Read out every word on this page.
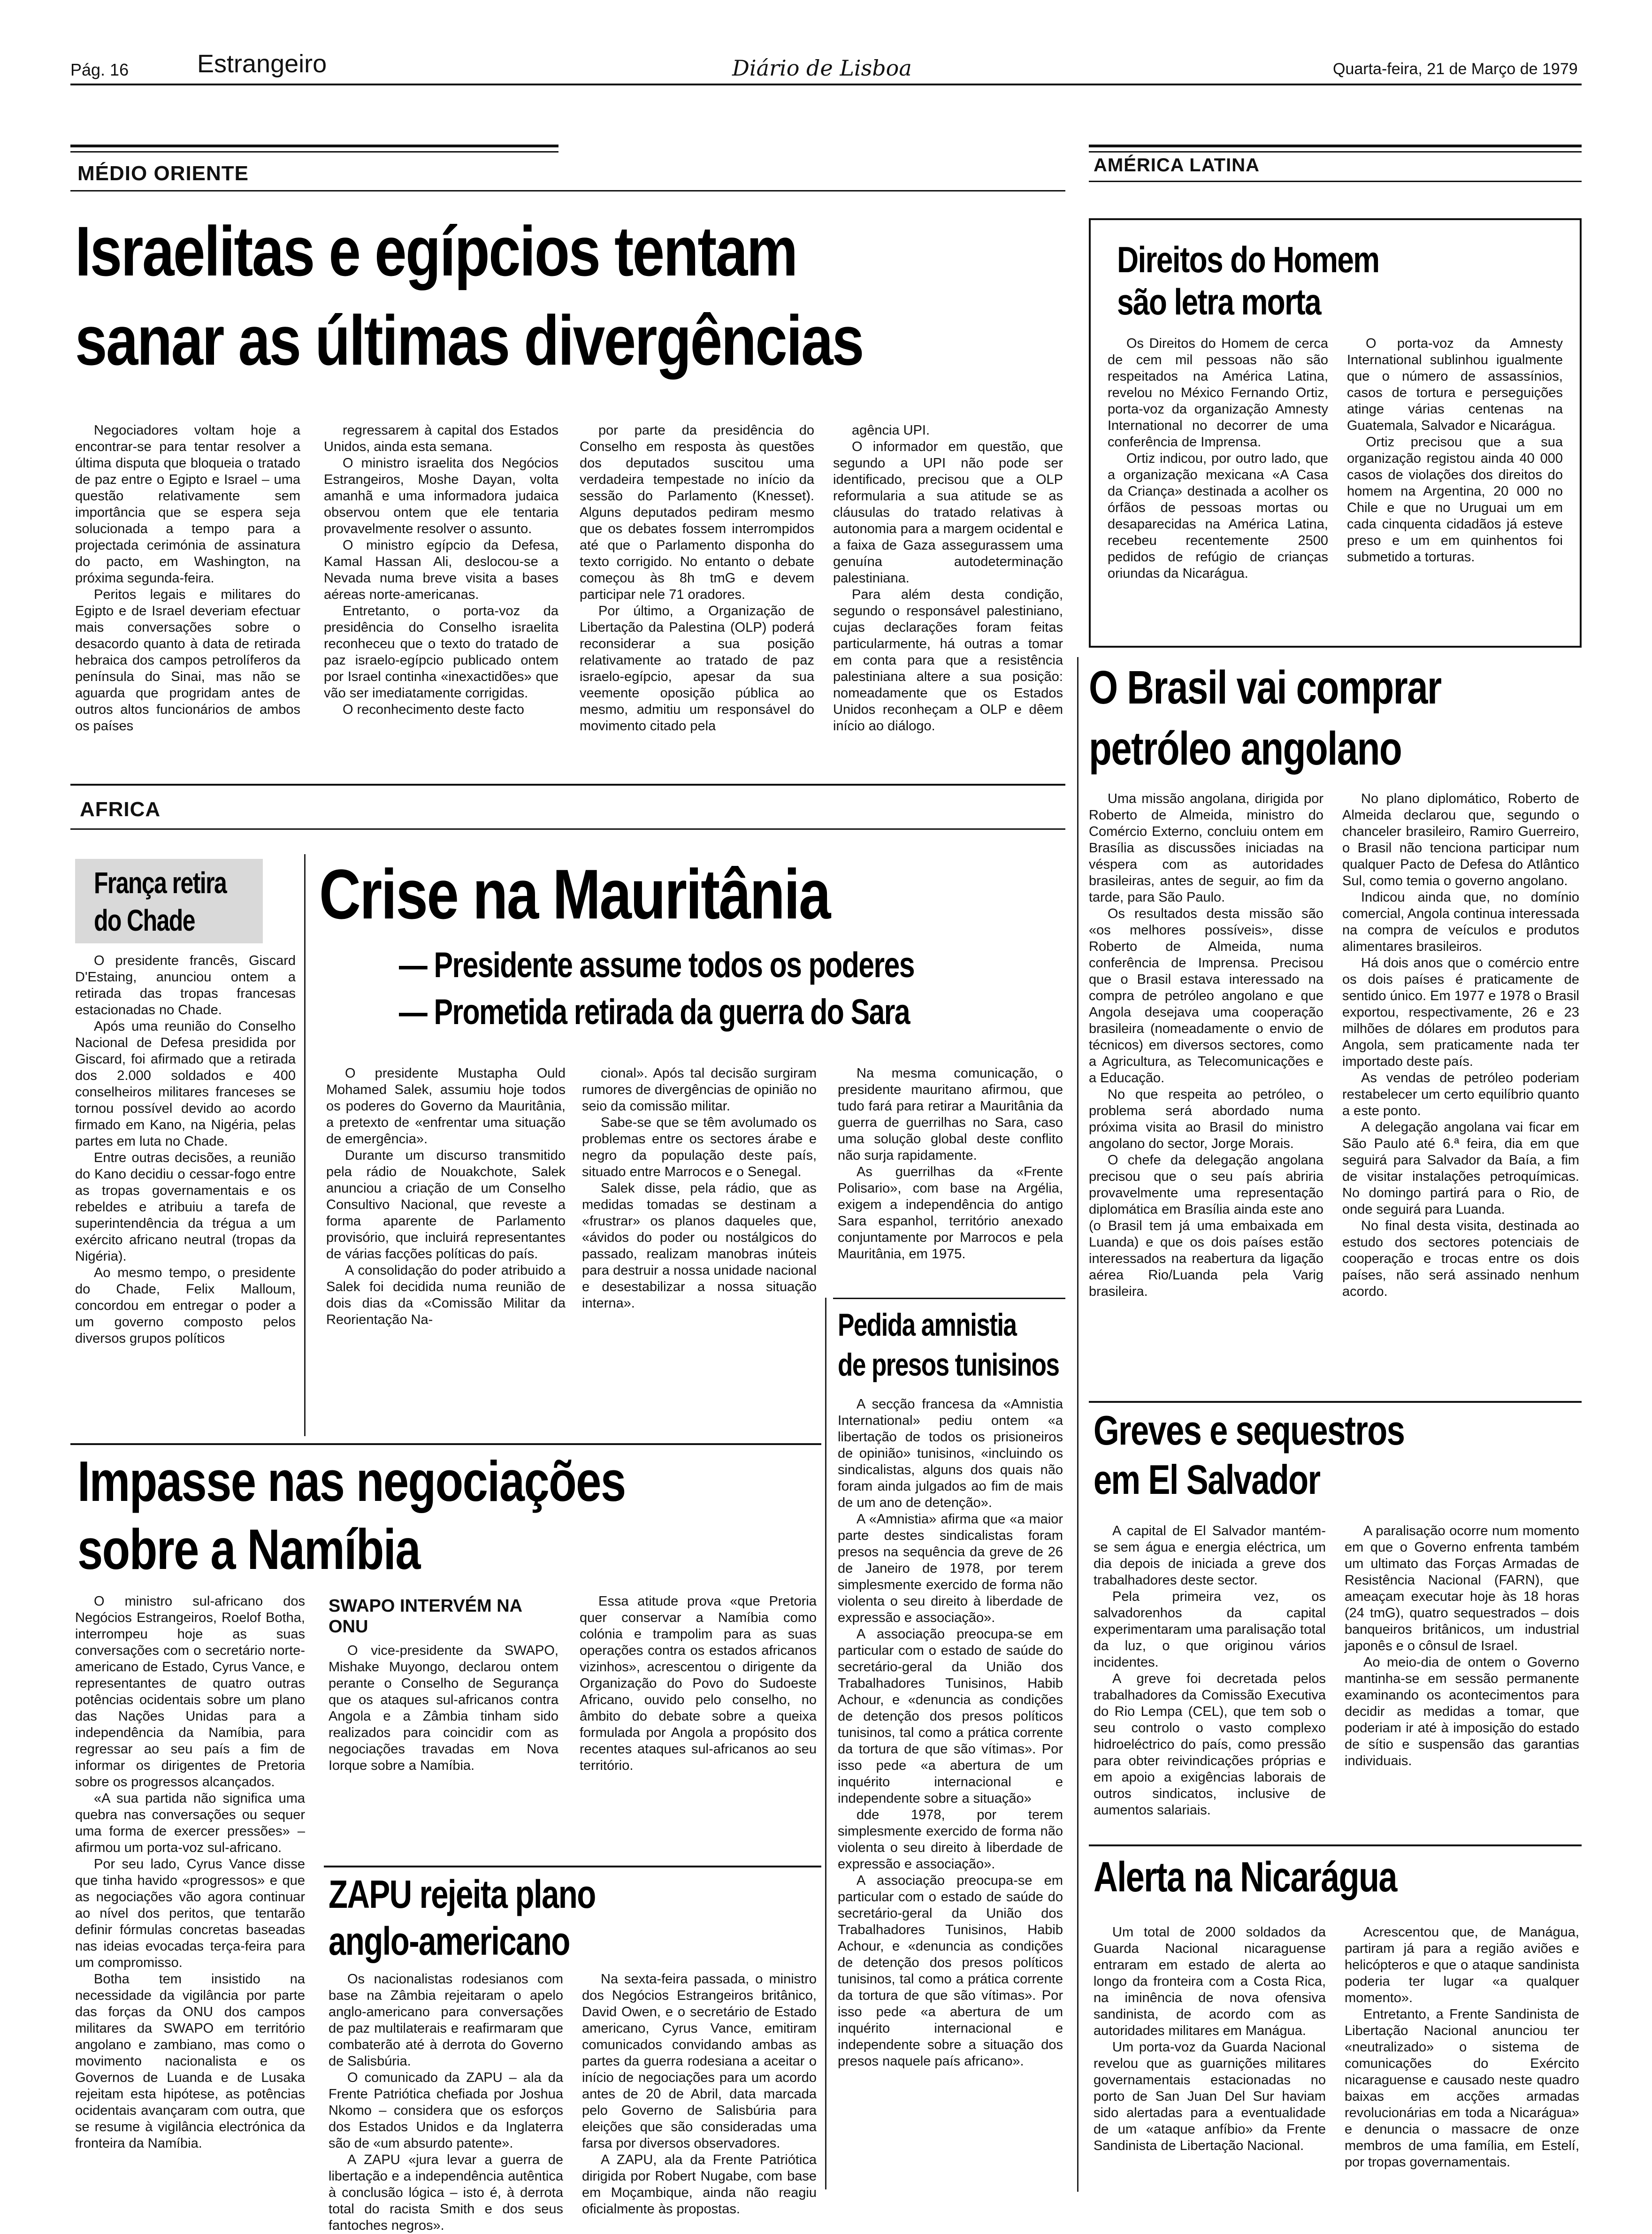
Pág. 16	Estrangeiro	Diário de Lisboa	Quarta-feira, 21 de Março de 1979
MÉDIO ORIENTE
Israelitas e egípcios tentam
sanar as últimas divergências

Negociadores voltam hoje a encontrar-se para tentar resolver a última disputa que bloqueia o tratado de paz entre o Egipto e Israel – uma questão relativamente sem importância que se espera seja solucionada a tempo para a projectada cerimónia de assinatura do pacto, em Washington, na próxima segunda-feira.

Peritos legais e militares do Egipto e de Israel deveriam efectuar mais conversações sobre o desacordo quanto à data de retirada hebraica dos campos petrolíferos da península do Sinai, mas não se aguarda que progridam antes de outros altos funcionários de ambos os países

regressarem à capital dos Estados Unidos, ainda esta semana.

O ministro israelita dos Negócios Estrangeiros, Moshe Dayan, volta amanhã e uma informadora judaica observou ontem que ele tentaria provavelmente resolver o assunto.

O ministro egípcio da Defesa, Kamal Hassan Ali, deslocou-se a Nevada numa breve visita a bases aéreas norte-americanas.

Entretanto, o porta-voz da presidência do Conselho israelita reconheceu que o texto do tratado de paz israelo-egípcio publicado ontem por Israel continha «inexactidões» que vão ser imediatamente corrigidas.

O reconhecimento deste facto

por parte da presidência do Conselho em resposta às questões dos deputados suscitou uma verdadeira tempestade no início da sessão do Parlamento (Knesset). Alguns deputados pediram mesmo que os debates fossem interrompidos até que o Parlamento disponha do texto corrigido. No entanto o debate começou às 8h tmG e devem participar nele 71 oradores.

Por último, a Organização de Libertação da Palestina (OLP) poderá reconsiderar a sua posição relativamente ao tratado de paz israelo-egípcio, apesar da sua veemente oposição pública ao mesmo, admitiu um responsável do movimento citado pela

agência UPI.

O informador em questão, que segundo a UPI não pode ser identificado, precisou que a OLP reformularia a sua atitude se as cláusulas do tratado relativas à autonomia para a margem ocidental e a faixa de Gaza assegurassem uma genuína autodeterminação palestiniana.

Para além desta condição, segundo o responsável palestiniano, cujas declarações foram feitas particularmente, há outras a tomar em conta para que a resistência palestiniana altere a sua posição: nomeadamente que os Estados Unidos reconheçam a OLP e dêem início ao diálogo.

AMÉRICA LATINA
Direitos do Homem
são letra morta

Os Direitos do Homem de cerca de cem mil pessoas não são respeitados na América Latina, revelou no México Fernando Ortiz, porta-voz da organização Amnesty International no decorrer de uma conferência de Imprensa.

Ortiz indicou, por outro lado, que a organização mexicana «A Casa da Criança» destinada a acolher os órfãos de pessoas mortas ou desaparecidas na América Latina, recebeu recentemente 2500 pedidos de refúgio de crianças oriundas da Nicarágua.

O porta-voz da Amnesty International sublinhou igualmente que o número de assassínios, casos de tortura e perseguições atinge várias centenas na Guatemala, Salvador e Nicarágua.

Ortiz precisou que a sua organização registou ainda 40 000 casos de violações dos direitos do homem na Argentina, 20 000 no Chile e que no Uruguai um em cada cinquenta cidadãos já esteve preso e um em quinhentos foi submetido a torturas.

O Brasil vai comprar
petróleo angolano

Uma missão angolana, dirigida por Roberto de Almeida, ministro do Comércio Externo, concluiu ontem em Brasília as discussões iniciadas na véspera com as autoridades brasileiras, antes de seguir, ao fim da tarde, para São Paulo.

Os resultados desta missão são «os melhores possíveis», disse Roberto de Almeida, numa conferência de Imprensa. Precisou que o Brasil estava interessado na compra de petróleo angolano e que Angola desejava uma cooperação brasileira (nomeadamente o envio de técnicos) em diversos sectores, como a Agricultura, as Telecomunicações e a Educação.

No que respeita ao petróleo, o problema será abordado numa próxima visita ao Brasil do ministro angolano do sector, Jorge Morais.

O chefe da delegação angolana precisou que o seu país abriria provavelmente uma representação diplomática em Brasília ainda este ano (o Brasil tem já uma embaixada em Luanda) e que os dois países estão interessados na reabertura da ligação aérea Rio/Luanda pela Varig brasileira.

No plano diplomático, Roberto de Almeida declarou que, segundo o chanceler brasileiro, Ramiro Guerreiro, o Brasil não tenciona participar num qualquer Pacto de Defesa do Atlântico Sul, como temia o governo angolano.

Indicou ainda que, no domínio comercial, Angola continua interessada na compra de veículos e produtos alimentares brasileiros.

Há dois anos que o comércio entre os dois países é praticamente de sentido único. Em 1977 e 1978 o Brasil exportou, respectivamente, 26 e 23 milhões de dólares em produtos para Angola, sem praticamente nada ter importado deste país.

As vendas de petróleo poderiam restabelecer um certo equilíbrio quanto a este ponto.

A delegação angolana vai ficar em São Paulo até 6.ª feira, dia em que seguirá para Salvador da Baía, a fim de visitar instalações petroquímicas. No domingo partirá para o Rio, de onde seguirá para Luanda.

No final desta visita, destinada ao estudo dos sectores potenciais de cooperação e trocas entre os dois países, não será assinado nenhum acordo.

Greves e sequestros
em El Salvador

A capital de El Salvador mantém-se sem água e energia eléctrica, um dia depois de iniciada a greve dos trabalhadores deste sector.

Pela primeira vez, os salvadorenhos da capital experimentaram uma paralisação total da luz, o que originou vários incidentes.

A greve foi decretada pelos trabalhadores da Comissão Executiva do Rio Lempa (CEL), que tem sob o seu controlo o vasto complexo hidroeléctrico do país, como pressão para obter reivindicações próprias e em apoio a exigências laborais de outros sindicatos, inclusive de aumentos salariais.

A paralisação ocorre num momento em que o Governo enfrenta também um ultimato das Forças Armadas de Resistência Nacional (FARN), que ameaçam executar hoje às 18 horas (24 tmG), quatro sequestrados – dois banqueiros britânicos, um industrial japonês e o cônsul de Israel.

Ao meio-dia de ontem o Governo mantinha-se em sessão permanente examinando os acontecimentos para decidir as medidas a tomar, que poderiam ir até à imposição do estado de sítio e suspensão das garantias individuais.

Alerta na Nicarágua

Um total de 2000 soldados da Guarda Nacional nicaraguense entraram em estado de alerta ao longo da fronteira com a Costa Rica, na iminência de nova ofensiva sandinista, de acordo com as autoridades militares em Manágua.

Um porta-voz da Guarda Nacional revelou que as guarnições militares governamentais estacionadas no porto de San Juan Del Sur haviam sido alertadas para a eventualidade de um «ataque anfíbio» da Frente Sandinista de Libertação Nacional.

Acrescentou que, de Manágua, partiram já para a região aviões e helicópteros e que o ataque sandinista poderia ter lugar «a qualquer momento».

Entretanto, a Frente Sandinista de Libertação Nacional anunciou ter «neutralizado» o sistema de comunicações do Exército nicaraguense e causado neste quadro baixas em acções armadas revolucionárias em toda a Nicarágua» e denuncia o massacre de onze membros de uma família, em Estelí, por tropas governamentais.

AFRICA
França retira
do Chade

O presidente francês, Giscard D'Estaing, anunciou ontem a retirada das tropas francesas estacionadas no Chade.

Após uma reunião do Conselho Nacional de Defesa presidida por Giscard, foi afirmado que a retirada dos 2.000 soldados e 400 conselheiros militares franceses se tornou possível devido ao acordo firmado em Kano, na Nigéria, pelas partes em luta no Chade.

Entre outras decisões, a reunião do Kano decidiu o cessar-fogo entre as tropas governamentais e os rebeldes e atribuiu a tarefa de superintendência da trégua a um exército africano neutral (tropas da Nigéria).

Ao mesmo tempo, o presidente do Chade, Felix Malloum, concordou em entregar o poder a um governo composto pelos diversos grupos políticos

Crise na Mauritânia
— Presidente assume todos os poderes
— Prometida retirada da guerra do Sara

O presidente Mustapha Ould Mohamed Salek, assumiu hoje todos os poderes do Governo da Mauritânia, a pretexto de «enfrentar uma situação de emergência».

Durante um discurso transmitido pela rádio de Nouakchote, Salek anunciou a criação de um Conselho Consultivo Nacional, que reveste a forma aparente de Parlamento provisório, que incluirá representantes de várias facções políticas do país.

A consolidação do poder atribuido a Salek foi decidida numa reunião de dois dias da «Comissão Militar da Reorientação Na-

cional». Após tal decisão surgiram rumores de divergências de opinião no seio da comissão militar.

Sabe-se que se têm avolumado os problemas entre os sectores árabe e negro da população deste país, situado entre Marrocos e o Senegal.

Salek disse, pela rádio, que as medidas tomadas se destinam a «frustrar» os planos daqueles que, «ávidos do poder ou nostálgicos do passado, realizam manobras inúteis para destruir a nossa unidade nacional e desestabilizar a nossa situação interna».

Na mesma comunicação, o presidente mauritano afirmou, que tudo fará para retirar a Mauritânia da guerra de guerrilhas no Sara, caso uma solução global deste conflito não surja rapidamente.

As guerrilhas da «Frente Polisario», com base na Argélia, exigem a independência do antigo Sara espanhol, território anexado conjuntamente por Marrocos e pela Mauritânia, em 1975.

Pedida amnistia
de presos tunisinos

A secção francesa da «Amnistia International» pediu ontem «a libertação de todos os prisioneiros de opinião» tunisinos, «incluindo os sindicalistas, alguns dos quais não foram ainda julgados ao fim de mais de um ano de detenção».

A «Amnistia» afirma que «a maior parte destes sindicalistas foram presos na sequência da greve de 26 de Janeiro de 1978, por terem simplesmente exercido de forma não violenta o seu direito à liberdade de expressão e associação».

A associação preocupa-se em particular com o estado de saúde do secretário-geral da União dos Trabalhadores Tunisinos, Habib Achour, e «denuncia as condições de detenção dos presos políticos tunisinos, tal como a prática corrente da tortura de que são vítimas». Por isso pede «a abertura de um inquérito internacional e independente sobre a situação»

dde 1978, por terem simplesmente exercido de forma não violenta o seu direito à liberdade de expressão e associação».

A associação preocupa-se em particular com o estado de saúde do secretário-geral da União dos Trabalhadores Tunisinos, Habib Achour, e «denuncia as condições de detenção dos presos políticos tunisinos, tal como a prática corrente da tortura de que são vítimas». Por isso pede «a abertura de um inquérito internacional e independente sobre a situação dos presos naquele país africano».

Impasse nas negociações
sobre a Namíbia

O ministro sul-africano dos Negócios Estrangeiros, Roelof Botha, interrompeu hoje as suas conversações com o secretário norte-americano de Estado, Cyrus Vance, e representantes de quatro outras potências ocidentais sobre um plano das Nações Unidas para a independência da Namíbia, para regressar ao seu país a fim de informar os dirigentes de Pretoria sobre os progressos alcançados.

«A sua partida não significa uma quebra nas conversações ou sequer uma forma de exercer pressões» – afirmou um porta-voz sul-africano.

Por seu lado, Cyrus Vance disse que tinha havido «progressos» e que as negociações vão agora continuar ao nível dos peritos, que tentarão definir fórmulas concretas baseadas nas ideias evocadas terça-feira para um compromisso.

Botha tem insistido na necessidade da vigilância por parte das forças da ONU dos campos militares da SWAPO em território angolano e zambiano, mas como o movimento nacionalista e os Governos de Luanda e de Lusaka rejeitam esta hipótese, as potências ocidentais avançaram com outra, que se resume à vigilância electrónica da fronteira da Namíbia.

SWAPO INTERVÉM NA ONU

O vice-presidente da SWAPO, Mishake Muyongo, declarou ontem perante o Conselho de Segurança que os ataques sul-africanos contra Angola e a Zâmbia tinham sido realizados para coincidir com as negociações travadas em Nova Iorque sobre a Namíbia.

Essa atitude prova «que Pretoria quer conservar a Namíbia como colónia e trampolim para as suas operações contra os estados africanos vizinhos», acrescentou o dirigente da Organização do Povo do Sudoeste Africano, ouvido pelo conselho, no âmbito do debate sobre a queixa formulada por Angola a propósito dos recentes ataques sul-africanos ao seu território.

ZAPU rejeita plano
anglo-americano

Os nacionalistas rodesianos com base na Zâmbia rejeitaram o apelo anglo-americano para conversações de paz multilaterais e reafirmaram que combaterão até à derrota do Governo de Salisbúria.

O comunicado da ZAPU – ala da Frente Patriótica chefiada por Joshua Nkomo – considera que os esforços dos Estados Unidos e da Inglaterra são de «um absurdo patente».

A ZAPU «jura levar a guerra de libertação e a independência autêntica à conclusão lógica – isto é, à derrota total do racista Smith e dos seus fantoches negros».

Na sexta-feira passada, o ministro dos Negócios Estrangeiros britânico, David Owen, e o secretário de Estado americano, Cyrus Vance, emitiram comunicados convidando ambas as partes da guerra rodesiana a aceitar o início de negociações para um acordo antes de 20 de Abril, data marcada pelo Governo de Salisbúria para eleições que são consideradas uma farsa por diversos observadores.

A ZAPU, ala da Frente Patriótica dirigida por Robert Nugabe, com base em Moçambique, ainda não reagiu oficialmente às propostas.
